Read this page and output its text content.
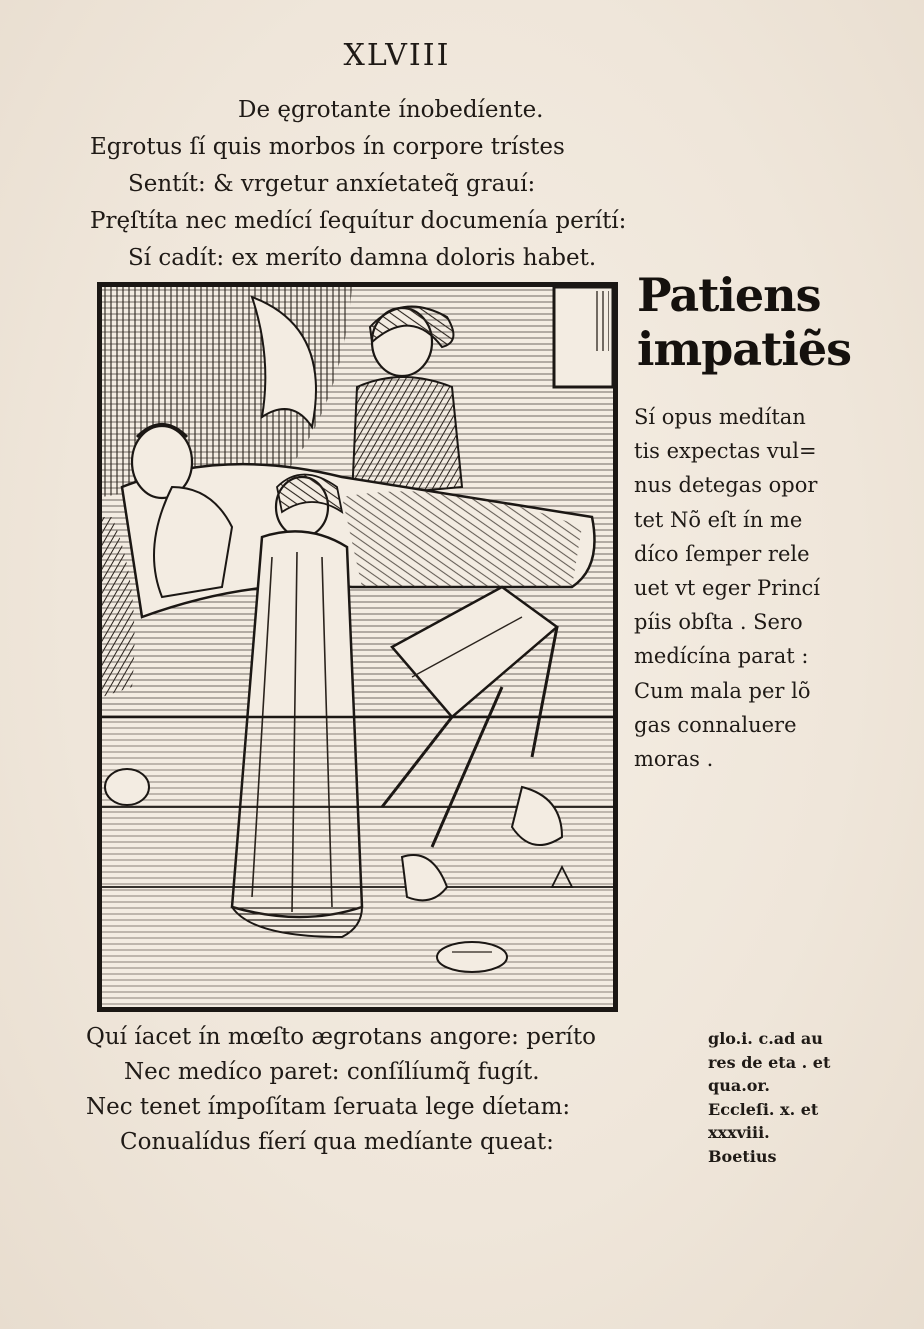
XLVIII
De ęgrotante ínobedíente.
Egrotus ſí quis morbos ín corpore trístes
Sentít: & vrgetur anxíetateq̃ grauí:
Pręſtíta nec medící ſequítur documenía perítí:
Sí cadít: ex meríto damna doloris habet.
Patiens
impatiẽs
Sí opus medítan
tis expectas vul=
nus detegas opor
tet Nõ eſt ín me
díco ſemper rele
uet vt eger Princí
píis obſta . Sero
medícína parat :
Cum mala per lõ
gas connaluere
moras .
Quí íacet ín mœſto ægrotans angore: períto
Nec medíco paret: conſílíumq̃ fugít.
Nec tenet ímpoſítam ſeruata lege díetam:
Conualídus fíerí qua medíante queat:
glo.i. c.ad au
res de eta . et
qua.or.
Eccleſi. x. et
xxxviii.
Boetius
